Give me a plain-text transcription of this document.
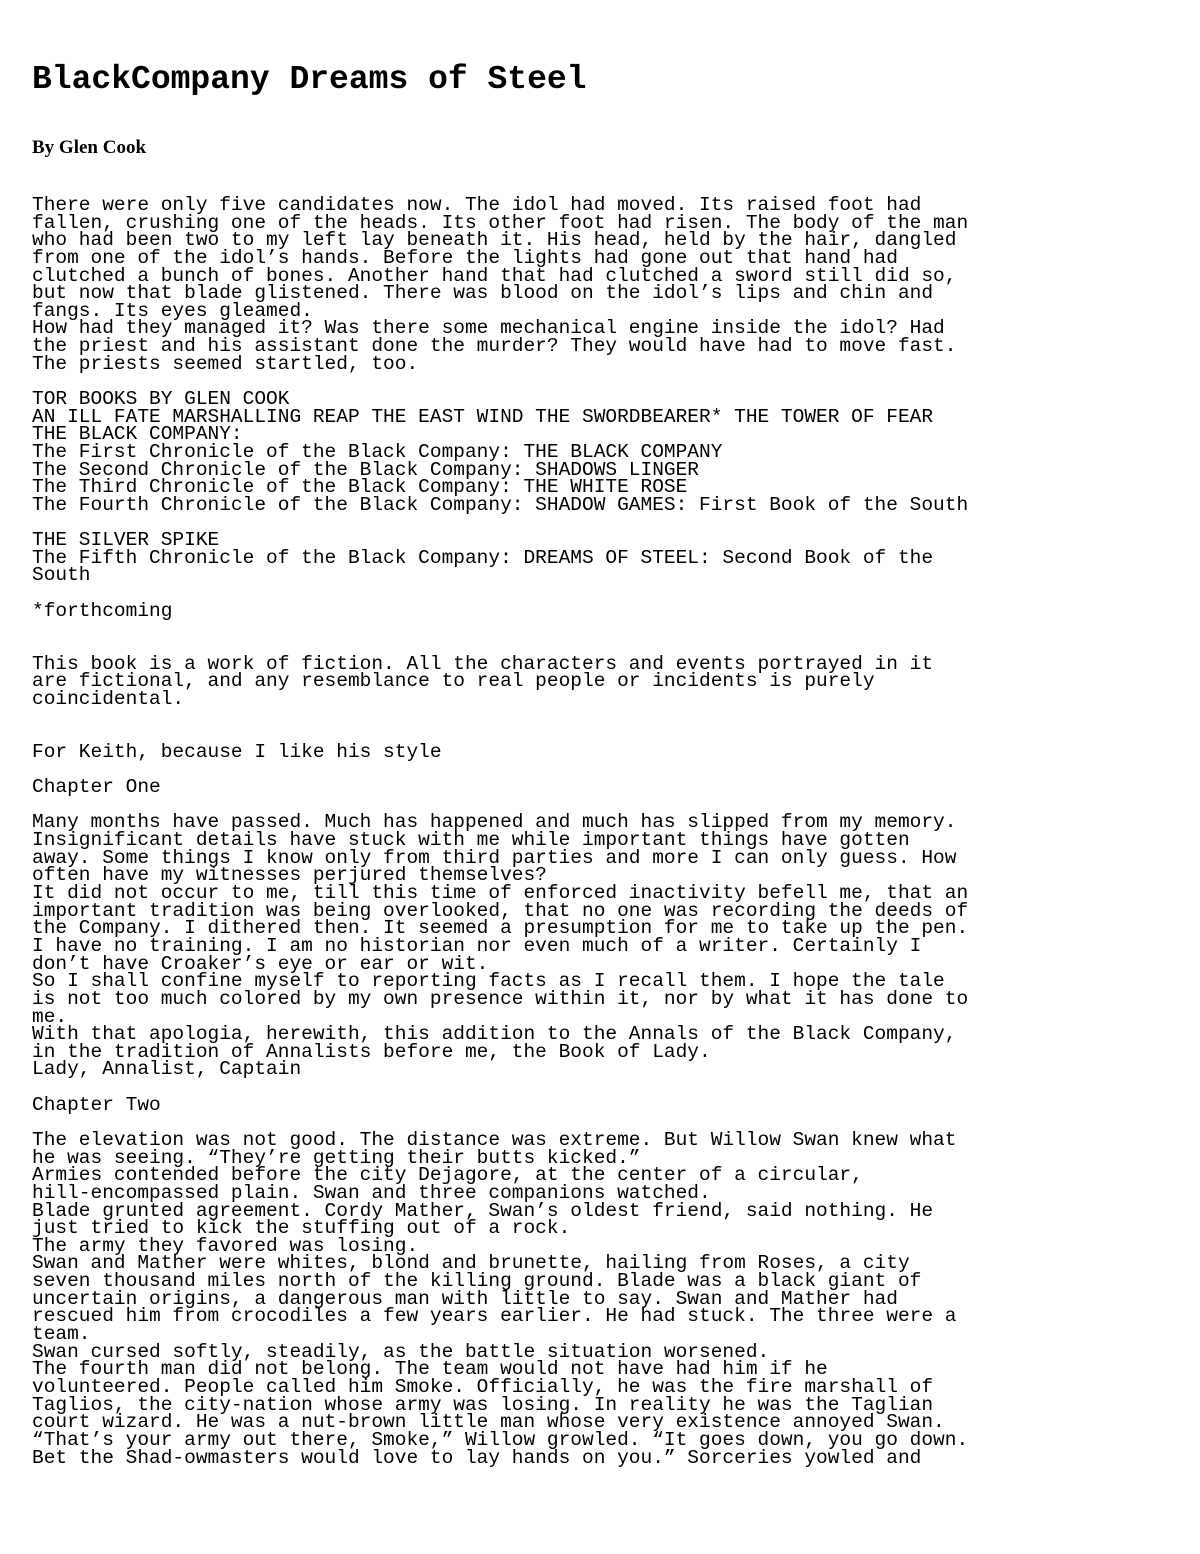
BlackCompany Dreams of Steel
By Glen Cook
There were only five candidates now. The idol had moved. Its raised foot had
fallen, crushing one of the heads. Its other foot had risen. The body of the man
who had been two to my left lay beneath it. His head, held by the hair, dangled
from one of the idol’s hands. Before the lights had gone out that hand had
clutched a bunch of bones. Another hand that had clutched a sword still did so,
but now that blade glistened. There was blood on the idol’s lips and chin and
fangs. Its eyes gleamed.
How had they managed it? Was there some mechanical engine inside the idol? Had
the priest and his assistant done the murder? They would have had to move fast.
The priests seemed startled, too.
TOR BOOKS BY GLEN COOK
AN ILL FATE MARSHALLING REAP THE EAST WIND THE SWORDBEARER* THE TOWER OF FEAR
THE BLACK COMPANY:
The First Chronicle of the Black Company: THE BLACK COMPANY
The Second Chronicle of the Black Company: SHADOWS LINGER
The Third Chronicle of the Black Company: THE WHITE ROSE
The Fourth Chronicle of the Black Company: SHADOW GAMES: First Book of the South
THE SILVER SPIKE
The Fifth Chronicle of the Black Company: DREAMS OF STEEL: Second Book of the
South
*forthcoming
This book is a work of fiction. All the characters and events portrayed in it
are fictional, and any resemblance to real people or incidents is purely
coincidental.
For Keith, because I like his style
Chapter One
Many months have passed. Much has happened and much has slipped from my memory.
Insignificant details have stuck with me while important things have gotten
away. Some things I know only from third parties and more I can only guess. How
often have my witnesses perjured themselves?
It did not occur to me, till this time of enforced inactivity befell me, that an
important tradition was being overlooked, that no one was recording the deeds of
the Company. I dithered then. It seemed a presumption for me to take up the pen.
I have no training. I am no historian nor even much of a writer. Certainly I
don’t have Croaker’s eye or ear or wit.
So I shall confine myself to reporting facts as I recall them. I hope the tale
is not too much colored by my own presence within it, nor by what it has done to
me.
With that apologia, herewith, this addition to the Annals of the Black Company,
in the tradition of Annalists before me, the Book of Lady.
Lady, Annalist, Captain
Chapter Two
The elevation was not good. The distance was extreme. But Willow Swan knew what
he was seeing. “They’re getting their butts kicked.”
Armies contended before the city Dejagore, at the center of a circular,
hill-encompassed plain. Swan and three companions watched.
Blade grunted agreement. Cordy Mather, Swan’s oldest friend, said nothing. He
just tried to kick the stuffing out of a rock.
The army they favored was losing.
Swan and Mather were whites, blond and brunette, hailing from Roses, a city
seven thousand miles north of the killing ground. Blade was a black giant of
uncertain origins, a dangerous man with little to say. Swan and Mather had
rescued him from crocodiles a few years earlier. He had stuck. The three were a
team.
Swan cursed softly, steadily, as the battle situation worsened.
The fourth man did not belong. The team would not have had him if he
volunteered. People called him Smoke. Officially, he was the fire marshall of
Taglios, the city-nation whose army was losing. In reality he was the Taglian
court wizard. He was a nut-brown little man whose very existence annoyed Swan.
“That’s your army out there, Smoke,” Willow growled. “It goes down, you go down.
Bet the Shad-owmasters would love to lay hands on you.” Sorceries yowled and
